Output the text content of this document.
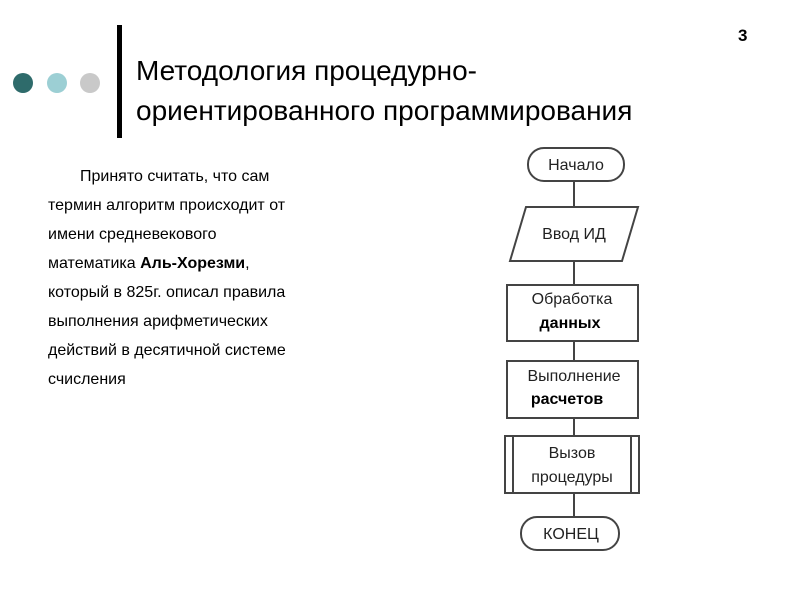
3
Методология процедурно-
ориентированного программирования
Принято считать, что сам
термин алгоритм происходит от
имени средневекового
математика Аль-Хорезми,
который в 825г. описал правила
выполнения арифметических
действий в десятичной системе
счисления
Начало
Ввод ИД
Обработка
данных
Выполнение
расчетов
Вызов
процедуры
КОНЕЦ
